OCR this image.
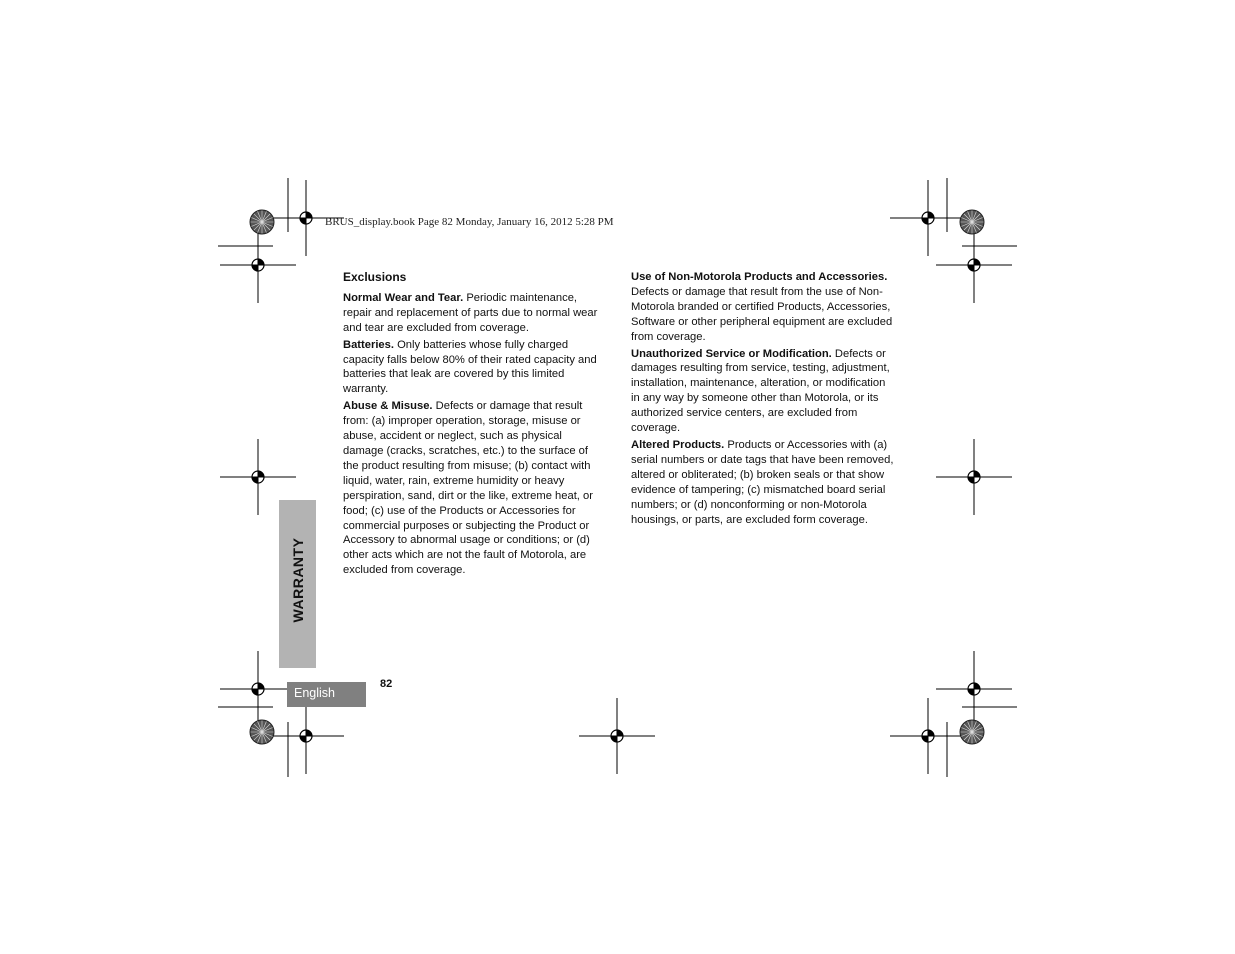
BRUS_display.book Page 82 Monday, January 16, 2012 5:28 PM
Exclusions

Normal Wear and Tear. Periodic maintenance, repair and replacement of parts due to normal wear and tear are excluded from coverage.

Batteries. Only batteries whose fully charged capacity falls below 80% of their rated capacity and batteries that leak are covered by this limited warranty.

Abuse & Misuse. Defects or damage that result from: (a) improper operation, storage, misuse or abuse, accident or neglect, such as physical damage (cracks, scratches, etc.) to the surface of the product resulting from misuse; (b) contact with liquid, water, rain, extreme humidity or heavy perspiration, sand, dirt or the like, extreme heat, or food; (c) use of the Products or Accessories for commercial purposes or subjecting the Product or Accessory to abnormal usage or conditions; or (d) other acts which are not the fault of Motorola, are excluded from coverage.

Use of Non-Motorola Products and Accessories. Defects or damage that result from the use of Non-Motorola branded or certified Products, Accessories, Software or other peripheral equipment are excluded from coverage.

Unauthorized Service or Modification. Defects or damages resulting from service, testing, adjustment, installation, maintenance, alteration, or modification in any way by someone other than Motorola, or its authorized service centers, are excluded from coverage.

Altered Products. Products or Accessories with (a) serial numbers or date tags that have been removed, altered or obliterated; (b) broken seals or that show evidence of tampering; (c) mismatched board serial numbers; or (d) nonconforming or non-Motorola housings, or parts, are excluded form coverage.

WARRANTY
English
82
